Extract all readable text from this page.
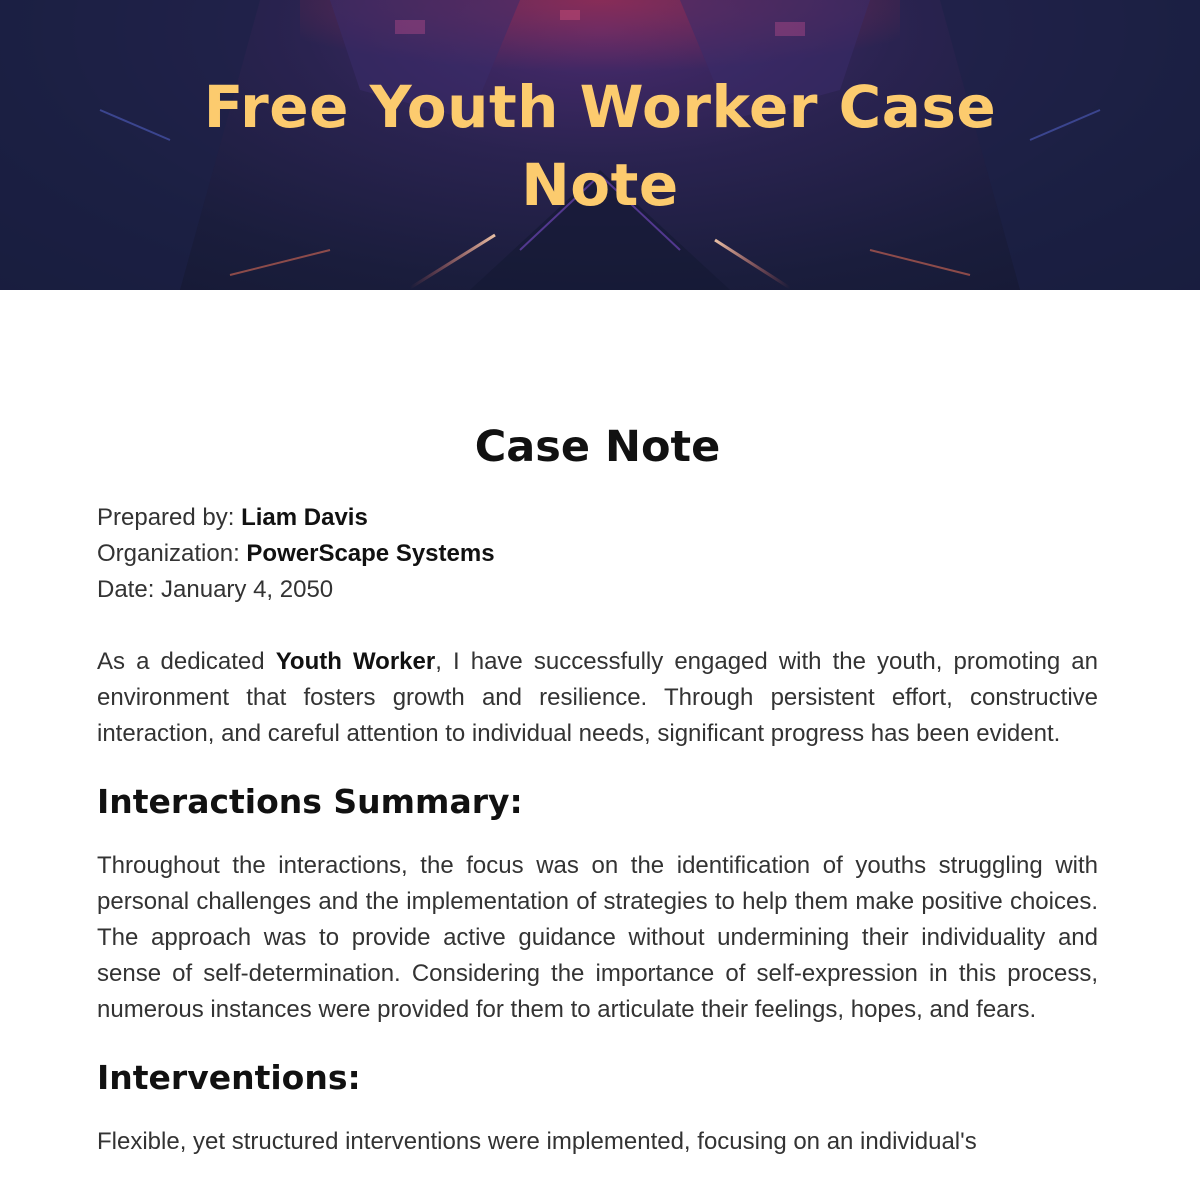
Free Youth Worker Case Note
Case Note
Prepared by: Liam Davis
Organization: PowerScape Systems
Date: January 4, 2050

As a dedicated Youth Worker, I have successfully engaged with the youth, promoting an environment that fosters growth and resilience. Through persistent effort, constructive interaction, and careful attention to individual needs, significant progress has been evident.

Interactions Summary:

Throughout the interactions, the focus was on the identification of youths struggling with personal challenges and the implementation of strategies to help them make positive choices. The approach was to provide active guidance without undermining their individuality and sense of self-determination. Considering the importance of self-expression in this process, numerous instances were provided for them to articulate their feelings, hopes, and fears.

Interventions:

Flexible, yet structured interventions were implemented, focusing on an individual's
